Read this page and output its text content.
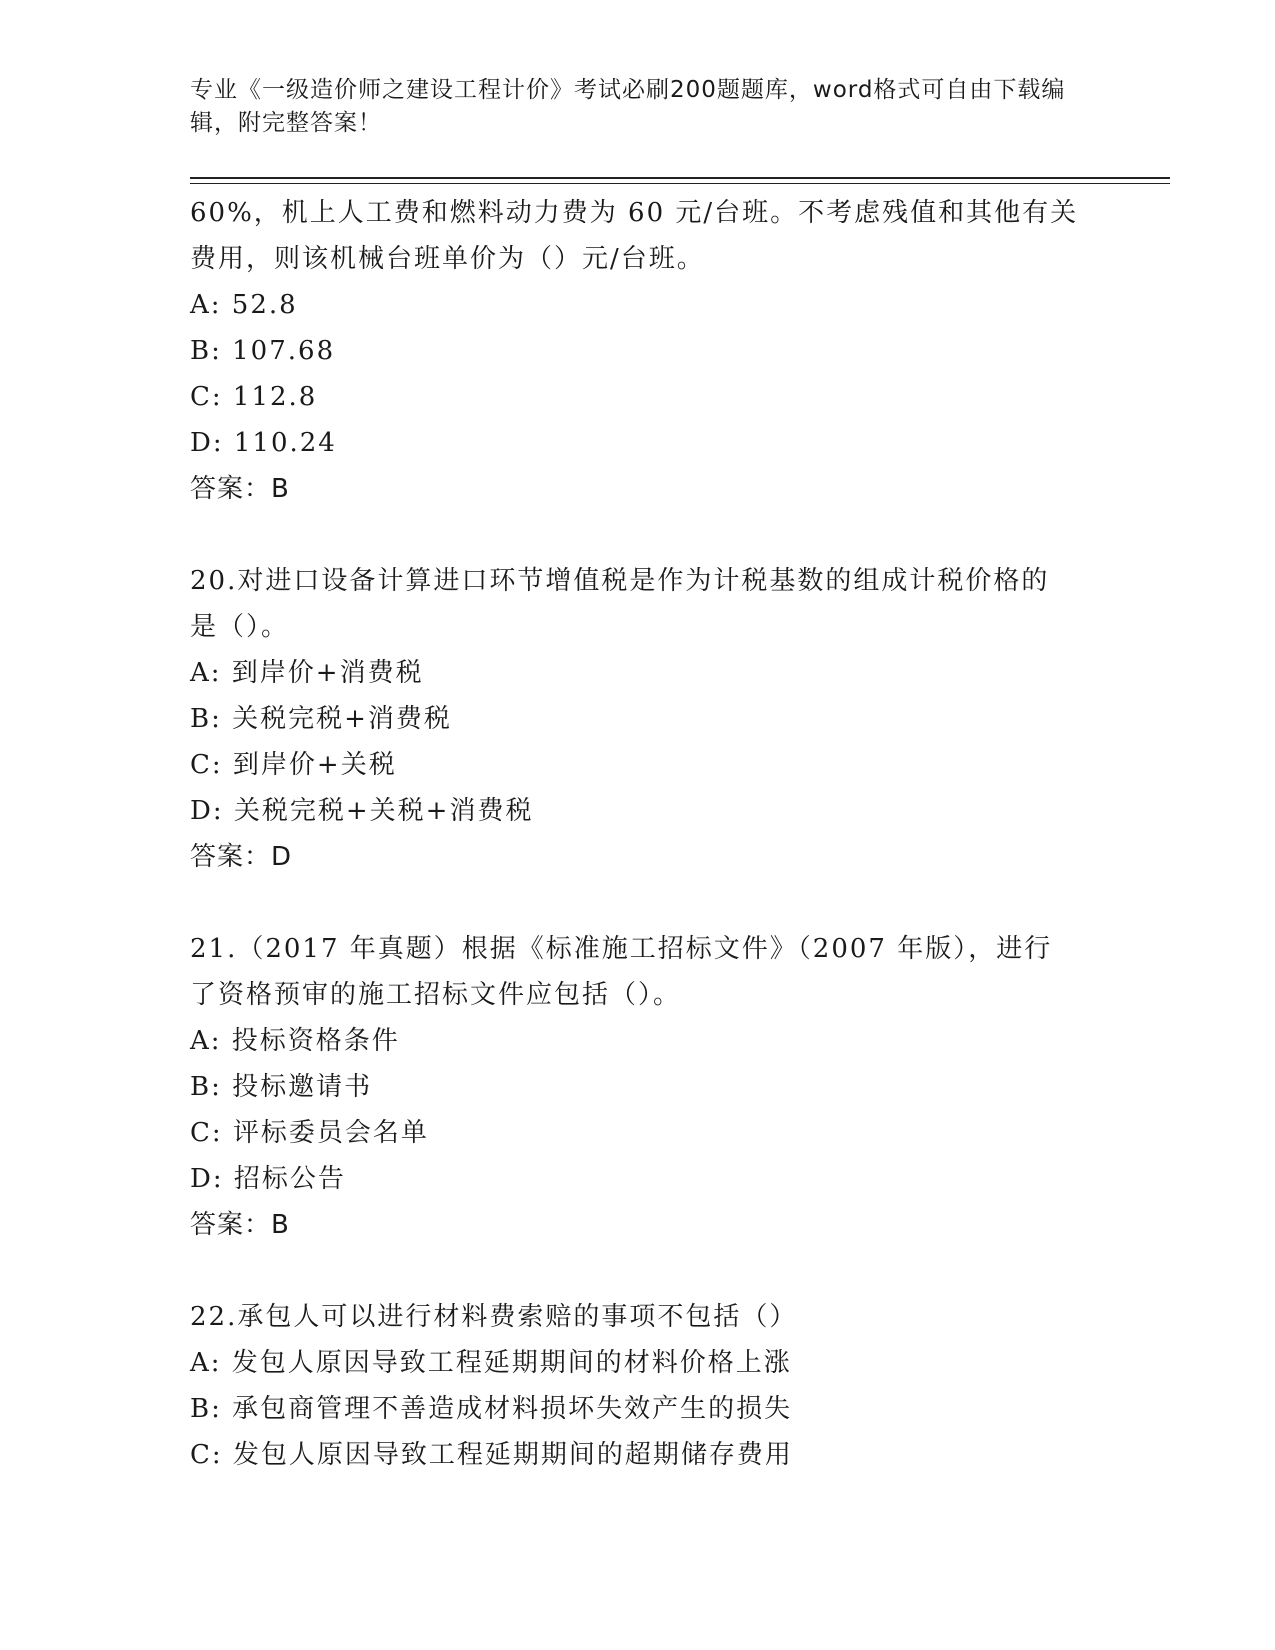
专业《一级造价师之建设工程计价》考试必刷200题题库，word格式可自由下载编辑，附完整答案！
60%，机上人工费和燃料动力费为 60 元/台班。不考虑残值和其他有关
费用，则该机械台班单价为（）元/台班。
A: 52.8
B: 107.68
C: 112.8
D: 110.24
答案：B
20.对进口设备计算进口环节增值税是作为计税基数的组成计税价格的
是（）。
A: 到岸价+消费税
B: 关税完税+消费税
C: 到岸价+关税
D: 关税完税+关税+消费税
答案：D
21.（2017 年真题）根据《标准施工招标文件》（2007 年版），进行
了资格预审的施工招标文件应包括（）。
A: 投标资格条件
B: 投标邀请书
C: 评标委员会名单
D: 招标公告
答案：B
22.承包人可以进行材料费索赔的事项不包括（）
A: 发包人原因导致工程延期期间的材料价格上涨
B: 承包商管理不善造成材料损坏失效产生的损失
C: 发包人原因导致工程延期期间的超期储存费用
